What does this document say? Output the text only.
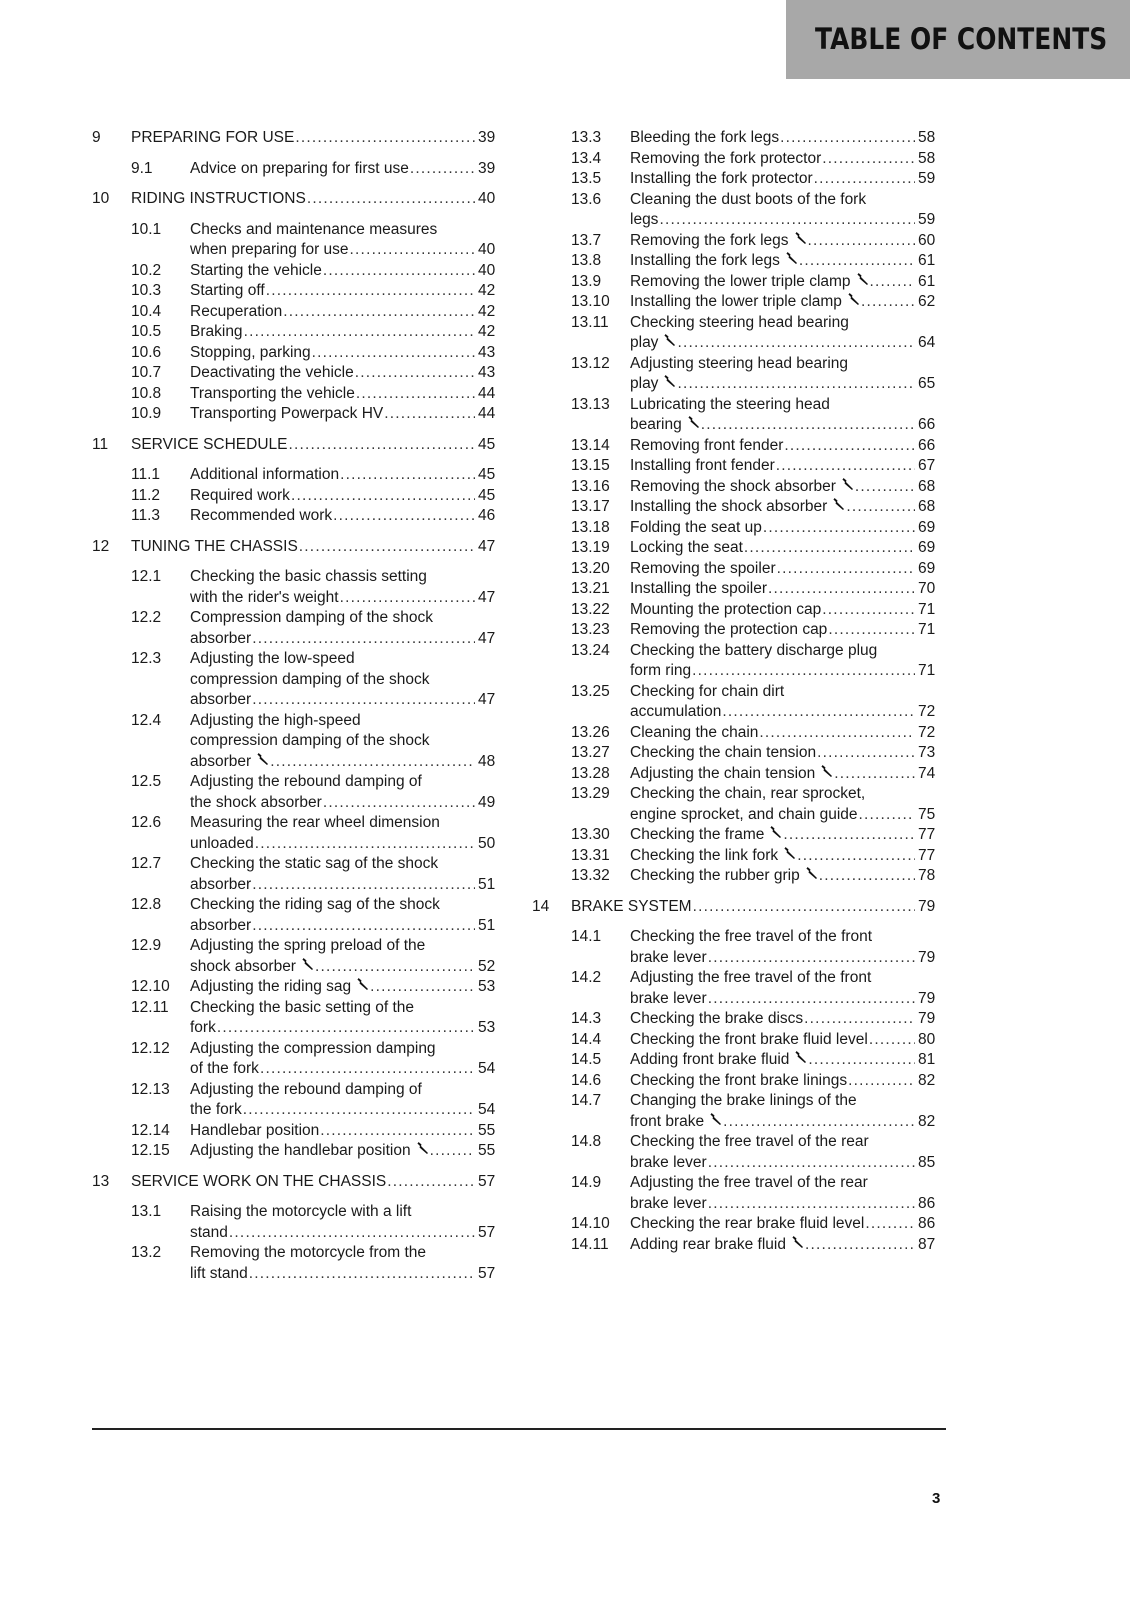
TABLE OF CONTENTS
9 PREPARING FOR USE .....	39
9.1 Advice on preparing for first use .....	39
10 RIDING INSTRUCTIONS .....	40
10.1 Checks and maintenance measures
when preparing for use .....	40
10.2 Starting the vehicle .....	40
10.3 Starting off .....	42
10.4 Recuperation .....	42
10.5 Braking .....	42
10.6 Stopping, parking .....	43
10.7 Deactivating the vehicle .....	43
10.8 Transporting the vehicle .....	44
10.9 Transporting Powerpack HV .....	44
11 SERVICE SCHEDULE .....	45
11.1 Additional information .....	45
11.2 Required work .....	45
11.3 Recommended work .....	46
12 TUNING THE CHASSIS .....	47
12.1 Checking the basic chassis setting
with the rider's weight .....	47
12.2 Compression damping of the shock
absorber .....	47
12.3 Adjusting the low-speed
compression damping of the shock
absorber .....	47
12.4 Adjusting the high-speed
compression damping of the shock
absorber .....	48
12.5 Adjusting the rebound damping of
the shock absorber .....	49
12.6 Measuring the rear wheel dimension
unloaded .....	50
12.7 Checking the static sag of the shock
absorber .....	51
12.8 Checking the riding sag of the shock
absorber .....	51
12.9 Adjusting the spring preload of the
shock absorber .....	52
12.10 Adjusting the riding sag .....	53
12.11 Checking the basic setting of the
fork .....	53
12.12 Adjusting the compression damping
of the fork .....	54
12.13 Adjusting the rebound damping of
the fork .....	54
12.14 Handlebar position .....	55
12.15 Adjusting the handlebar position .....	55
13 SERVICE WORK ON THE CHASSIS .....	57
13.1 Raising the motorcycle with a lift
stand .....	57
13.2 Removing the motorcycle from the
lift stand .....	57
13.3 Bleeding the fork legs .....	58
13.4 Removing the fork protector .....	58
13.5 Installing the fork protector .....	59
13.6 Cleaning the dust boots of the fork
legs .....	59
13.7 Removing the fork legs .....	60
13.8 Installing the fork legs .....	61
13.9 Removing the lower triple clamp .....	61
13.10 Installing the lower triple clamp .....	62
13.11 Checking steering head bearing
play .....	64
13.12 Adjusting steering head bearing
play .....	65
13.13 Lubricating the steering head
bearing .....	66
13.14 Removing front fender .....	66
13.15 Installing front fender .....	67
13.16 Removing the shock absorber .....	68
13.17 Installing the shock absorber .....	68
13.18 Folding the seat up .....	69
13.19 Locking the seat .....	69
13.20 Removing the spoiler .....	69
13.21 Installing the spoiler .....	70
13.22 Mounting the protection cap .....	71
13.23 Removing the protection cap .....	71
13.24 Checking the battery discharge plug
form ring .....	71
13.25 Checking for chain dirt
accumulation .....	72
13.26 Cleaning the chain .....	72
13.27 Checking the chain tension .....	73
13.28 Adjusting the chain tension .....	74
13.29 Checking the chain, rear sprocket,
engine sprocket, and chain guide .....	75
13.30 Checking the frame .....	77
13.31 Checking the link fork .....	77
13.32 Checking the rubber grip .....	78
14 BRAKE SYSTEM .....	79
14.1 Checking the free travel of the front
brake lever .....	79
14.2 Adjusting the free travel of the front
brake lever .....	79
14.3 Checking the brake discs .....	79
14.4 Checking the front brake fluid level .....	80
14.5 Adding front brake fluid .....	81
14.6 Checking the front brake linings .....	82
14.7 Changing the brake linings of the
front brake .....	82
14.8 Checking the free travel of the rear
brake lever .....	85
14.9 Adjusting the free travel of the rear
brake lever .....	86
14.10 Checking the rear brake fluid level .....	86
14.11 Adding rear brake fluid .....	87
3
